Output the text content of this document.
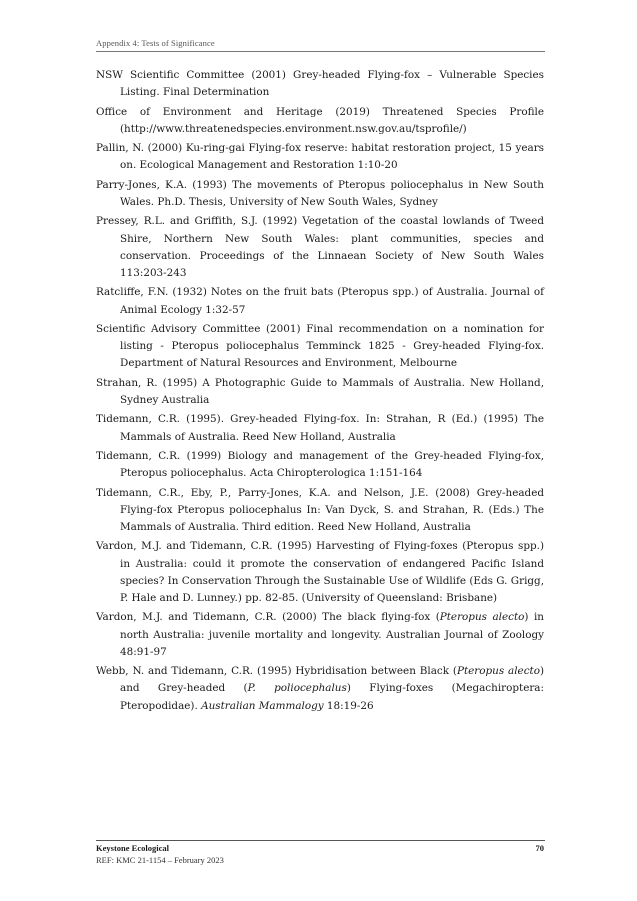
Appendix 4: Tests of Significance
NSW Scientific Committee (2001) Grey-headed Flying-fox – Vulnerable Species Listing. Final Determination
Office of Environment and Heritage (2019) Threatened Species Profile (http://www.threatenedspecies.environment.nsw.gov.au/tsprofile/)
Pallin, N. (2000) Ku-ring-gai Flying-fox reserve: habitat restoration project, 15 years on. Ecological Management and Restoration 1:10-20
Parry-Jones, K.A. (1993) The movements of Pteropus poliocephalus in New South Wales. Ph.D. Thesis, University of New South Wales, Sydney
Pressey, R.L. and Griffith, S.J. (1992) Vegetation of the coastal lowlands of Tweed Shire, Northern New South Wales: plant communities, species and conservation. Proceedings of the Linnaean Society of New South Wales 113:203-243
Ratcliffe, F.N. (1932) Notes on the fruit bats (Pteropus spp.) of Australia. Journal of Animal Ecology 1:32-57
Scientific Advisory Committee (2001) Final recommendation on a nomination for listing - Pteropus poliocephalus Temminck 1825 - Grey-headed Flying-fox. Department of Natural Resources and Environment, Melbourne
Strahan, R. (1995) A Photographic Guide to Mammals of Australia. New Holland, Sydney Australia
Tidemann, C.R. (1995). Grey-headed Flying-fox. In: Strahan, R (Ed.) (1995) The Mammals of Australia. Reed New Holland, Australia
Tidemann, C.R. (1999) Biology and management of the Grey-headed Flying-fox, Pteropus poliocephalus. Acta Chiropterologica 1:151-164
Tidemann, C.R., Eby, P., Parry-Jones, K.A. and Nelson, J.E. (2008) Grey-headed Flying-fox Pteropus poliocephalus In: Van Dyck, S. and Strahan, R. (Eds.) The Mammals of Australia. Third edition. Reed New Holland, Australia
Vardon, M.J. and Tidemann, C.R. (1995) Harvesting of Flying-foxes (Pteropus spp.) in Australia: could it promote the conservation of endangered Pacific Island species? In Conservation Through the Sustainable Use of Wildlife (Eds G. Grigg, P. Hale and D. Lunney.) pp. 82-85. (University of Queensland: Brisbane)
Vardon, M.J. and Tidemann, C.R. (2000) The black flying-fox (Pteropus alecto) in north Australia: juvenile mortality and longevity. Australian Journal of Zoology 48:91-97
Webb, N. and Tidemann, C.R. (1995) Hybridisation between Black (Pteropus alecto) and Grey-headed (P. poliocephalus) Flying-foxes (Megachiroptera: Pteropodidae). Australian Mammalogy 18:19-26
Keystone Ecological
REF: KMC 21-1154 – February 2023
70
